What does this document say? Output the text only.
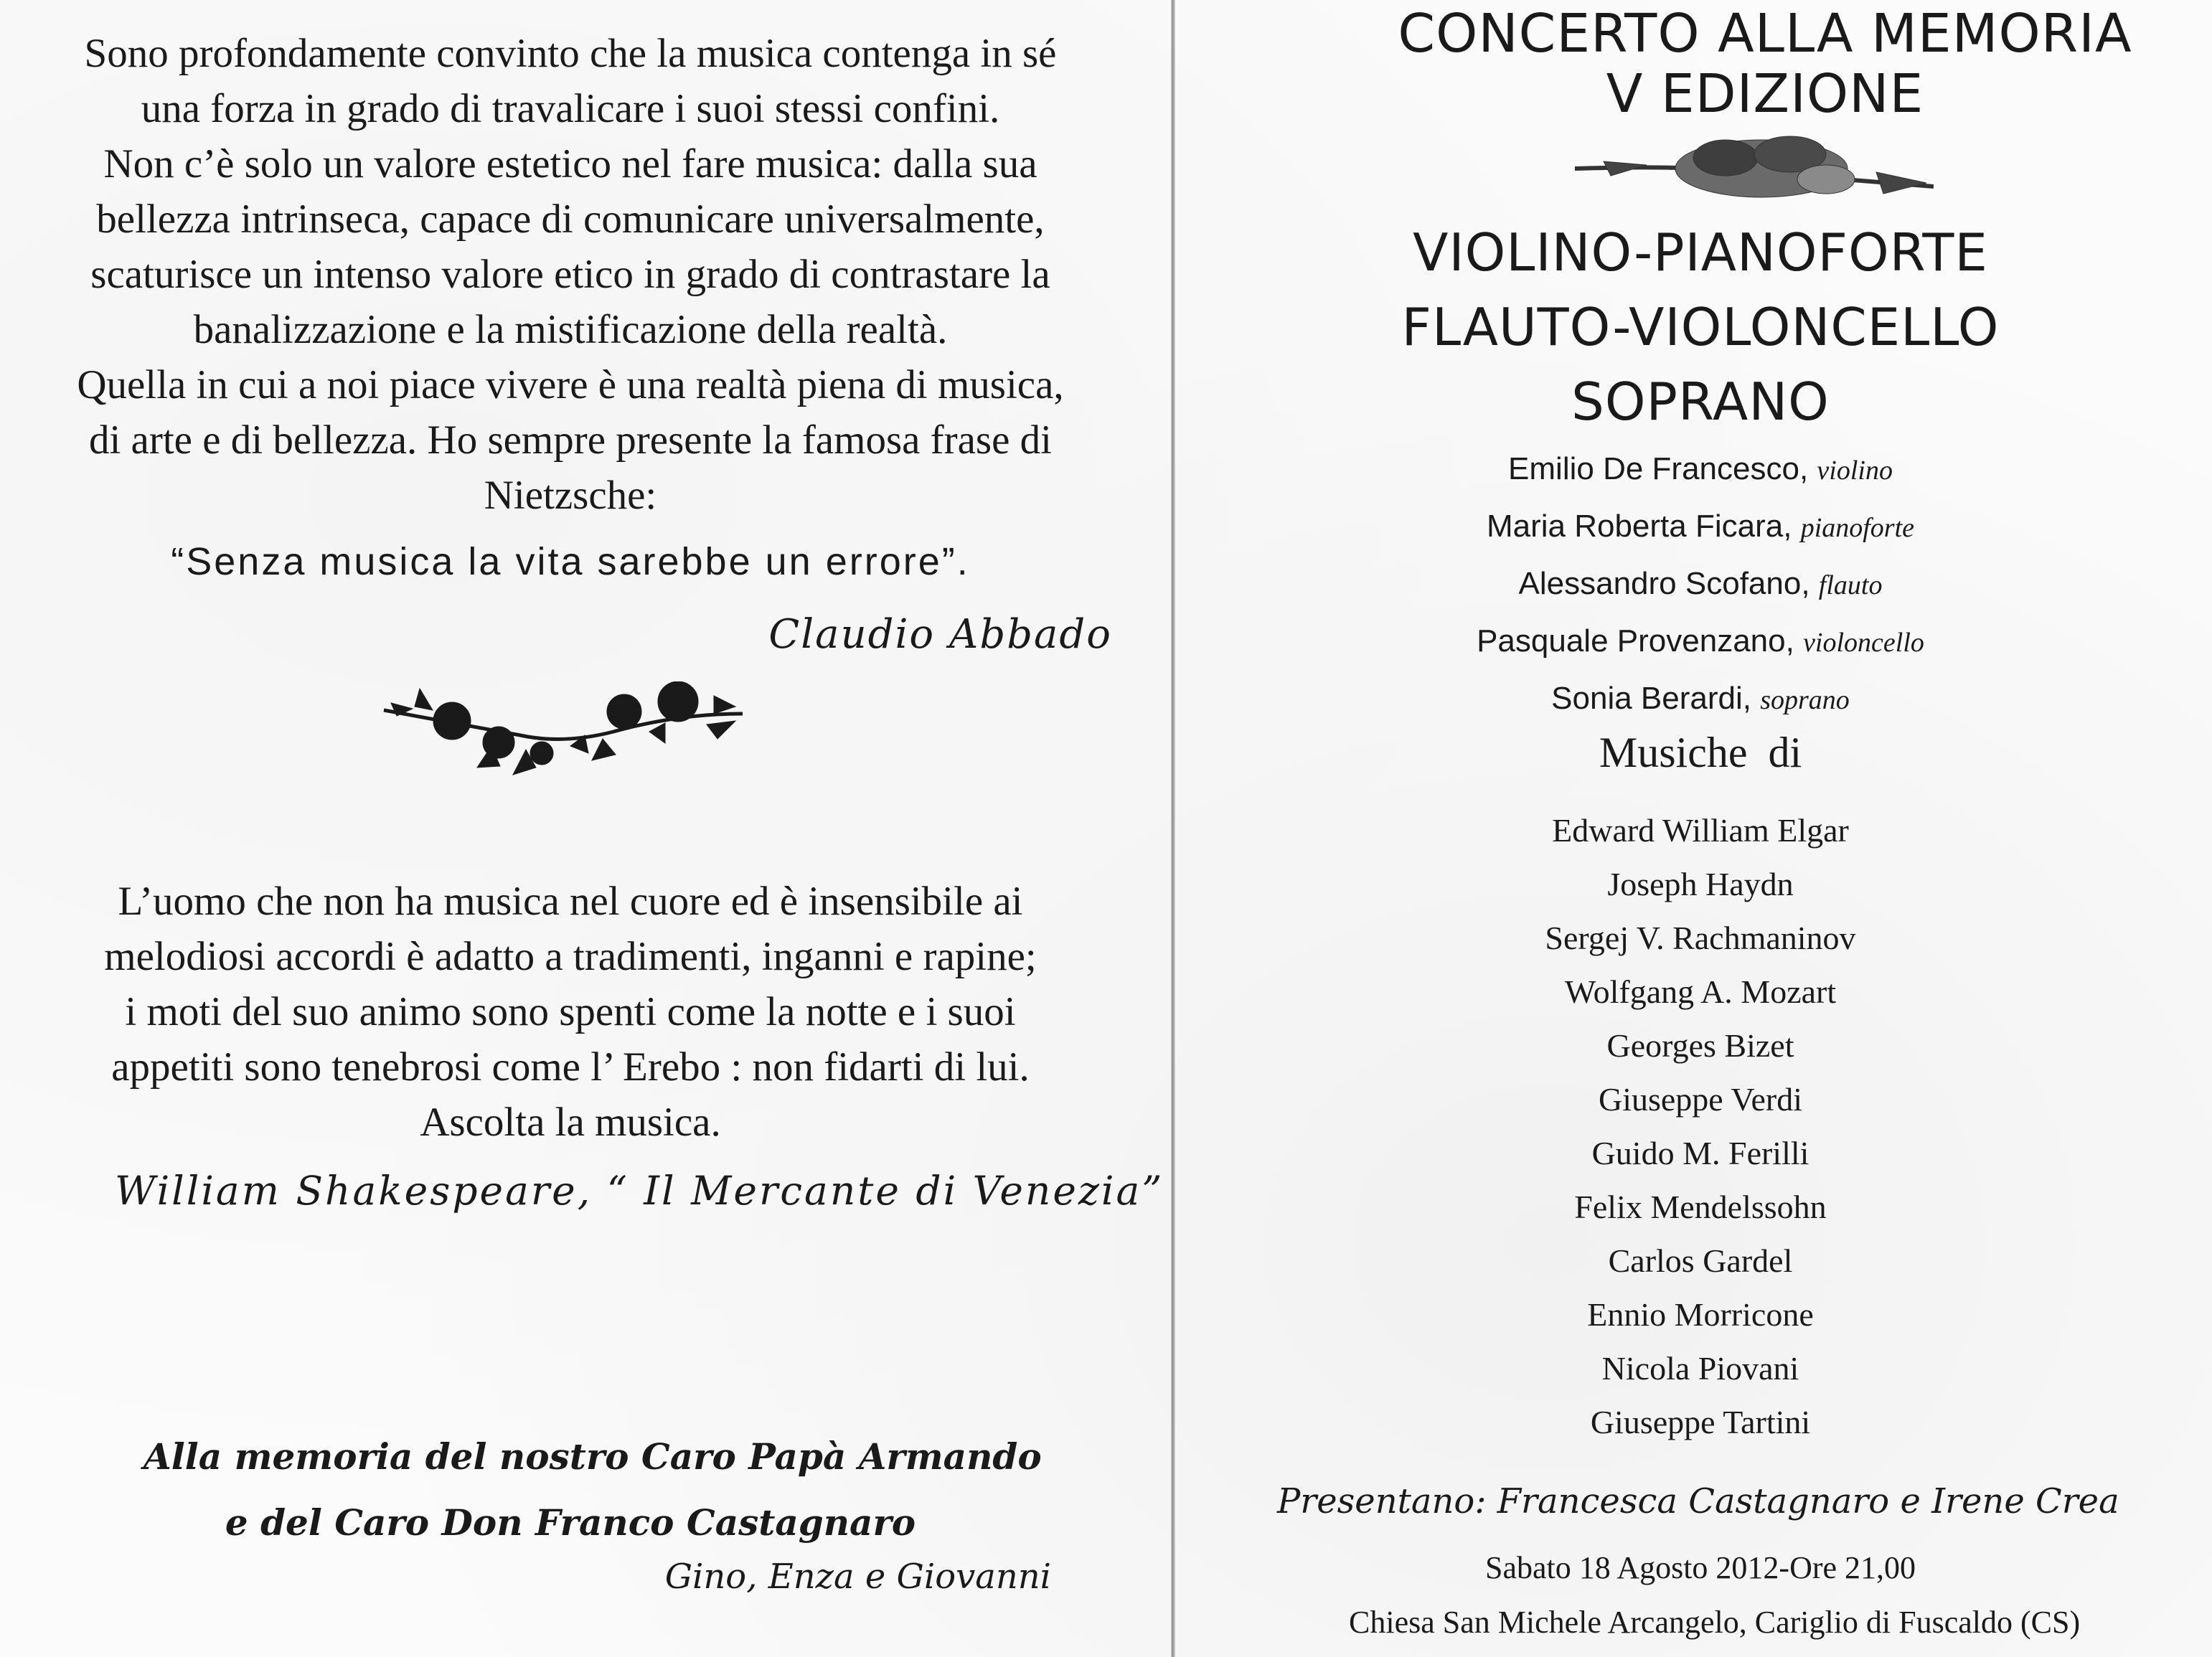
Sono profondamente convinto che la musica contenga in sé
una forza in grado di travalicare i suoi stessi confini.
Non c’è solo un valore estetico nel fare musica: dalla sua
bellezza intrinseca, capace di comunicare universalmente,
scaturisce un intenso valore etico in grado di contrastare la
banalizzazione e la mistificazione della realtà.
Quella in cui a noi piace vivere è una realtà piena di musica,
di arte e di bellezza. Ho sempre presente la famosa frase di
Nietzsche:
“Senza musica la vita sarebbe un errore”.
Claudio Abbado
L’uomo che non ha musica nel cuore ed è insensibile ai
melodiosi accordi è adatto a tradimenti, inganni e rapine;
i moti del suo animo sono spenti come la notte e i suoi
appetiti sono tenebrosi come l’ Erebo : non fidarti di lui.
Ascolta la musica.
William Shakespeare, “ Il Mercante di Venezia”
Alla memoria del nostro Caro Papà Armando
e del Caro Don Franco Castagnaro
Gino, Enza e Giovanni
CONCERTO ALLA MEMORIA
V EDIZIONE
VIOLINO-PIANOFORTE
FLAUTO-VIOLONCELLO
SOPRANO
Emilio De Francesco, violino
Maria Roberta Ficara, pianoforte
Alessandro Scofano, flauto
Pasquale Provenzano, violoncello
Sonia Berardi, soprano
Musiche di
Edward William Elgar
Joseph Haydn
Sergej V. Rachmaninov
Wolfgang A. Mozart
Georges Bizet
Giuseppe Verdi
Guido M. Ferilli
Felix Mendelssohn
Carlos Gardel
Ennio Morricone
Nicola Piovani
Giuseppe Tartini
Presentano: Francesca Castagnaro e Irene Crea
Sabato 18 Agosto 2012-Ore 21,00
Chiesa San Michele Arcangelo, Cariglio di Fuscaldo (CS)
